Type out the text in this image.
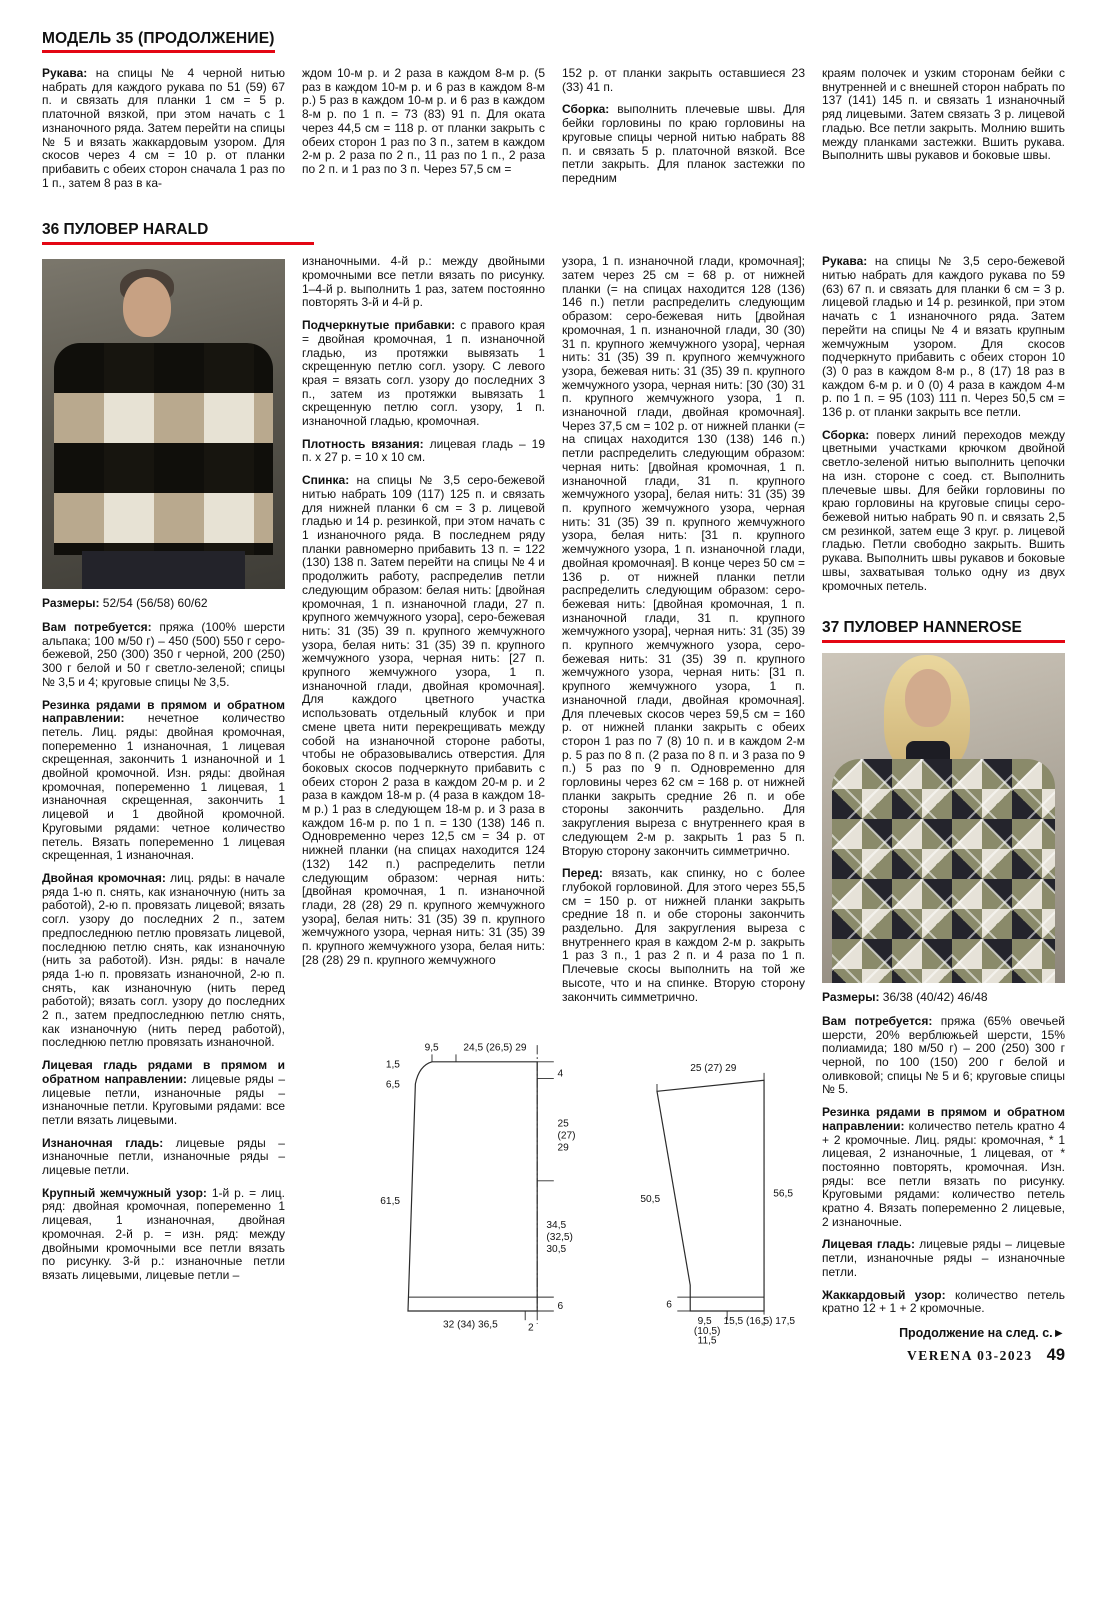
МОДЕЛЬ 35 (ПРОДОЛЖЕНИЕ)

Рукава: на спицы № 4 черной нитью набрать для каждого рукава по 51 (59) 67 п. и связать для планки 1 см = 5 р. платочной вязкой, при этом начать с 1 изнаночного ряда. Затем перейти на спицы № 5 и вязать жаккардовым узором. Для скосов через 4 см = 10 р. от планки прибавить с обеих сторон сначала 1 раз по 1 п., затем 8 раз в ка-

ждом 10-м р. и 2 раза в каждом 8-м р. (5 раз в каждом 10-м р. и 6 раз в каждом 8-м р.) 5 раз в каждом 10-м р. и 6 раз в каждом 8-м р. по 1 п. = 73 (83) 91 п. Для оката через 44,5 см = 118 р. от планки закрыть с обеих сторон 1 раз по 3 п., затем в каждом 2-м р. 2 раза по 2 п., 11 раз по 1 п., 2 раза по 2 п. и 1 раз по 3 п. Через 57,5 см =

152 р. от планки закрыть оставшиеся 23 (33) 41 п.

Сборка: выполнить плечевые швы. Для бейки горловины по краю горловины на круговые спицы черной нитью набрать 88 п. и связать 5 р. платочной вязкой. Все петли закрыть. Для планок застежки по передним

краям полочек и узким сторонам бейки с внутренней и с внешней сторон набрать по 137 (141) 145 п. и связать 1 изнаночный ряд лицевыми. Затем связать 3 р. лицевой гладью. Все петли закрыть. Молнию вшить между планками застежки. Вшить рукава. Выполнить швы рукавов и боковые швы.

36 ПУЛОВЕР HARALD

Размеры: 52/54 (56/58) 60/62

Вам потребуется: пряжа (100% шерсти альпака; 100 м/50 г) – 450 (500) 550 г серо-бежевой, 250 (300) 350 г черной, 200 (250) 300 г белой и 50 г светло-зеленой; спицы № 3,5 и 4; круговые спицы № 3,5.

Резинка рядами в прямом и обратном направлении: нечетное количество петель. Лиц. ряды: двойная кромочная, попеременно 1 изнаночная, 1 лицевая скрещенная, закончить 1 изнаночной и 1 двойной кромочной. Изн. ряды: двойная кромочная, попеременно 1 лицевая, 1 изнаночная скрещенная, закончить 1 лицевой и 1 двойной кромочной. Круговыми рядами: четное количество петель. Вязать попеременно 1 лицевая скрещенная, 1 изнаночная.

Двойная кромочная: лиц. ряды: в начале ряда 1-ю п. снять, как изнаночную (нить за работой), 2-ю п. провязать лицевой; вязать согл. узору до последних 2 п., затем предпоследнюю петлю провязать лицевой, последнюю петлю снять, как изнаночную (нить за работой). Изн. ряды: в начале ряда 1-ю п. провязать изнаночной, 2-ю п. снять, как изнаночную (нить перед работой); вязать согл. узору до последних 2 п., затем предпоследнюю петлю снять, как изнаночную (нить перед работой), последнюю петлю провязать изнаночной.

Лицевая гладь рядами в прямом и обратном направлении: лицевые ряды – лицевые петли, изнаночные ряды – изнаночные петли. Круговыми рядами: все петли вязать лицевыми.

Изнаночная гладь: лицевые ряды – изнаночные петли, изнаночные ряды – лицевые петли.

Крупный жемчужный узор: 1-й р. = лиц. ряд: двойная кромочная, попеременно 1 лицевая, 1 изнаночная, двойная кромочная. 2-й р. = изн. ряд: между двойными кромочными все петли вязать по рисунку. 3-й р.: изнаночные петли вязать лицевыми, лицевые петли –

изнаночными. 4-й р.: между двойными кромочными все петли вязать по рисунку. 1–4-й р. выполнить 1 раз, затем постоянно повторять 3-й и 4-й р.

Подчеркнутые прибавки: с правого края = двойная кромочная, 1 п. изнаночной гладью, из протяжки вывязать 1 скрещенную петлю согл. узору. С левого края = вязать согл. узору до последних 3 п., затем из протяжки вывязать 1 скрещенную петлю согл. узору, 1 п. изнаночной гладью, кромочная.

Плотность вязания: лицевая гладь – 19 п. х 27 р. = 10 х 10 см.

Спинка: на спицы № 3,5 серо-бежевой нитью набрать 109 (117) 125 п. и связать для нижней планки 6 см = 3 р. лицевой гладью и 14 р. резинкой, при этом начать с 1 изнаночного ряда. В последнем ряду планки равномерно прибавить 13 п. = 122 (130) 138 п. Затем перейти на спицы № 4 и продолжить работу, распределив петли следующим образом: белая нить: [двойная кромочная, 1 п. изнаночной глади, 27 п. крупного жемчужного узора], серо-бежевая нить: 31 (35) 39 п. крупного жемчужного узора, белая нить: 31 (35) 39 п. крупного жемчужного узора, черная нить: [27 п. крупного жемчужного узора, 1 п. изнаночной глади, двойная кромочная]. Для каждого цветного участка использовать отдельный клубок и при смене цвета нити перекрещивать между собой на изнаночной стороне работы, чтобы не образовывались отверстия. Для боковых скосов подчеркнуто прибавить с обеих сторон 2 раза в каждом 20-м р. и 2 раза в каждом 18-м р. (4 раза в каждом 18-м р.) 1 раз в следующем 18-м р. и 3 раза в каждом 16-м р. по 1 п. = 130 (138) 146 п. Одновременно через 12,5 см = 34 р. от нижней планки (на спицах находится 124 (132) 142 п.) распределить петли следующим образом: черная нить: [двойная кромочная, 1 п. изнаночной глади, 28 (28) 29 п. крупного жемчужного узора], белая нить: 31 (35) 39 п. крупного жемчужного узора, черная нить: 31 (35) 39 п. крупного жемчужного узора, белая нить: [28 (28) 29 п. крупного жемчужного

узора, 1 п. изнаночной глади, кромочная]; затем через 25 см = 68 р. от нижней планки (= на спицах находится 128 (136) 146 п.) петли распределить следующим образом: серо-бежевая нить [двойная кромочная, 1 п. изнаночной глади, 30 (30) 31 п. крупного жемчужного узора], черная нить: 31 (35) 39 п. крупного жемчужного узора, бежевая нить: 31 (35) 39 п. крупного жемчужного узора, черная нить: [30 (30) 31 п. крупного жемчужного узора, 1 п. изнаночной глади, двойная кромочная]. Через 37,5 см = 102 р. от нижней планки (= на спицах находится 130 (138) 146 п.) петли распределить следующим образом: черная нить: [двойная кромочная, 1 п. изнаночной глади, 31 п. крупного жемчужного узора], белая нить: 31 (35) 39 п. крупного жемчужного узора, черная нить: 31 (35) 39 п. крупного жемчужного узора, белая нить: [31 п. крупного жемчужного узора, 1 п. изнаночной глади, двойная кромочная]. В конце через 50 см = 136 р. от нижней планки петли распределить следующим образом: серо-бежевая нить: [двойная кромочная, 1 п. изнаночной глади, 31 п. крупного жемчужного узора], черная нить: 31 (35) 39 п. крупного жемчужного узора, серо-бежевая нить: 31 (35) 39 п. крупного жемчужного узора, черная нить: [31 п. крупного жемчужного узора, 1 п. изнаночной глади, двойная кромочная]. Для плечевых скосов через 59,5 см = 160 р. от нижней планки закрыть с обеих сторон 1 раз по 7 (8) 10 п. и в каждом 2-м р. 5 раз по 8 п. (2 раза по 8 п. и 3 раза по 9 п.) 5 раз по 9 п. Одновременно для горловины через 62 см = 168 р. от нижней планки закрыть средние 26 п. и обе стороны закончить раздельно. Для закругления выреза с внутреннего края в следующем 2-м р. закрыть 1 раз 5 п. Вторую сторону закончить симметрично.

Перед: вязать, как спинку, но с более глубокой горловиной. Для этого через 55,5 см = 150 р. от нижней планки закрыть средние 18 п. и обе стороны закончить раздельно. Для закругления выреза с внутреннего края в каждом 2-м р. закрыть 1 раз 3 п., 1 раз 2 п. и 4 раза по 1 п. Плечевые скосы выполнить на той же высоте, что и на спинке. Вторую сторону закончить симметрично.

9,5 24,5 (26,5) 29
1,5
6,5
4
25
(27)
29
61,5
34,5
(32,5)
30,5
6
32 (34) 36,5	2
25 (27) 29
50,5
56,5
6
9,5
(10,5)
11,5
15,5 (16,5) 17,5

Рукава: на спицы № 3,5 серо-бежевой нитью набрать для каждого рукава по 59 (63) 67 п. и связать для планки 6 см = 3 р. лицевой гладью и 14 р. резинкой, при этом начать с 1 изнаночного ряда. Затем перейти на спицы № 4 и вязать крупным жемчужным узором. Для скосов подчеркнуто прибавить с обеих сторон 10 (3) 0 раз в каждом 8-м р., 8 (17) 18 раз в каждом 6-м р. и 0 (0) 4 раза в каждом 4-м р. по 1 п. = 95 (103) 111 п. Через 50,5 см = 136 р. от планки закрыть все петли.

Сборка: поверх линий переходов между цветными участками крючком двойной светло-зеленой нитью выполнить цепочки на изн. стороне с соед. ст. Выполнить плечевые швы. Для бейки горловины по краю горловины на круговые спицы серо-бежевой нитью набрать 90 п. и связать 2,5 см резинкой, затем еще 3 круг. р. лицевой гладью. Петли свободно закрыть. Вшить рукава. Выполнить швы рукавов и боковые швы, захватывая только одну из двух кромочных петель.

37 ПУЛОВЕР HANNEROSE

Размеры: 36/38 (40/42) 46/48

Вам потребуется: пряжа (65% овечьей шерсти, 20% верблюжьей шерсти, 15% полиамида; 180 м/50 г) – 200 (250) 300 г черной, по 100 (150) 200 г белой и оливковой; спицы № 5 и 6; круговые спицы № 5.

Резинка рядами в прямом и обратном направлении: количество петель кратно 4 + 2 кромочные. Лиц. ряды: кромочная, * 1 лицевая, 2 изнаночные, 1 лицевая, от * постоянно повторять, кромочная. Изн. ряды: все петли вязать по рисунку. Круговыми рядами: количество петель кратно 4. Вязать попеременно 2 лицевые, 2 изнаночные.

Лицевая гладь: лицевые ряды – лицевые петли, изнаночные ряды – изнаночные петли.

Жаккардовый узор: количество петель кратно 12 + 1 + 2 кромочные.

Продолжение на след. с.►

VERENA 03-2023 49
